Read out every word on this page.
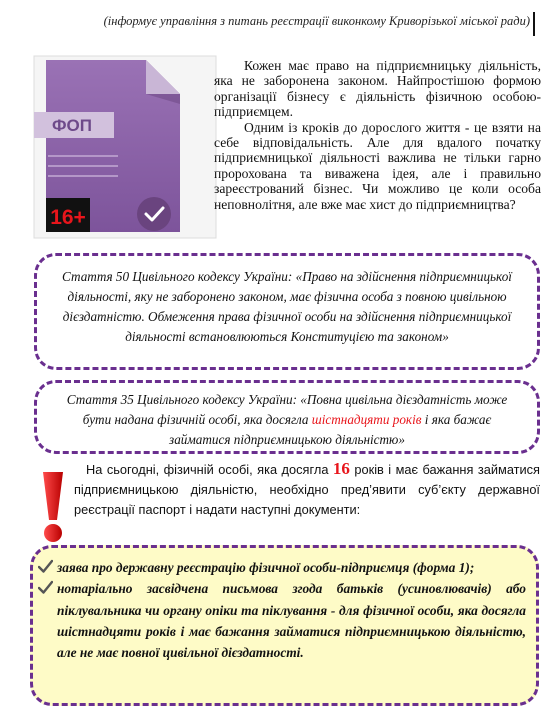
(інформує управління з питань реєстрації виконкому Криворізької міської ради)
ФОП
16+

Кожен має право на підприємницьку діяльність, яка не заборонена законом. Найпростішою формою організації бізнесу є діяльність фізичною особою-підприємцем.

Одним із кроків до дорослого життя - це взяти на себе відповідальність. Але для вдалого початку підприємницької діяльності важлива не тільки гарно пророхована та виважена ідея, але і правильно зареєстрований бізнес. Чи можливо це коли особа неповнолітня, але вже має хист до підприємництва?

Стаття 50 Цивільного кодексу України: «Право на здійснення підприємницької діяльності, яку не заборонено законом, має фізична особа з повною цивільною дієздатністю. Обмеження права фізичної особи на здійснення підприємницької діяльності встановлюються Конституцією та законом»
Стаття 35 Цивільного кодексу України: «Повна цивільна дієздатність може бути надана фізичній особі, яка досягла шістнадцяти років і яка бажає займатися підприємницькою діяльністю»
На сьогодні, фізичній особі, яка досягла 16 років і має бажання займатися підприємницькою діяльністю, необхідно пред’явити суб’єкту державної реєстрації паспорт і надати наступні документи:
заява про державну реєстрацію фізичної особи-підприємця (форма 1);
нотаріально засвідчена письмова згода батьків (усиновлювачів) або піклувальника чи органу опіки та піклування - для фізичної особи, яка досягла шістнадцяти років і має бажання займатися підприємницькою діяльністю, але не має повної цивільної дієздатності.
